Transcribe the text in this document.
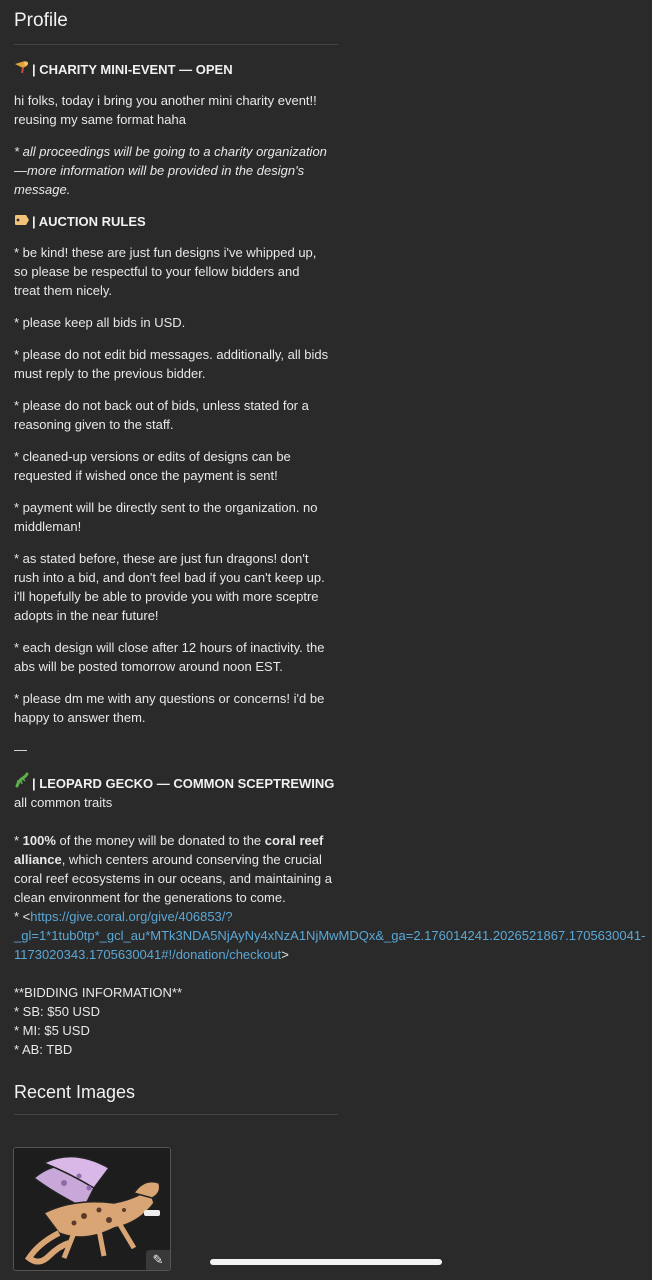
Profile
| CHARITY MINI-EVENT — OPEN
hi folks, today i bring you another mini charity event!!
reusing my same format haha
* all proceedings will be going to a charity organization
—more information will be provided in the design's
message.
| AUCTION RULES
* be kind! these are just fun designs i've whipped up,
so please be respectful to your fellow bidders and
treat them nicely.
* please keep all bids in USD.
* please do not edit bid messages. additionally, all bids
must reply to the previous bidder.
* please do not back out of bids, unless stated for a
reasoning given to the staff.
* cleaned-up versions or edits of designs can be
requested if wished once the payment is sent!
* payment will be directly sent to the organization. no
middleman!
* as stated before, these are just fun dragons! don't
rush into a bid, and don't feel bad if you can't keep up.
i'll hopefully be able to provide you with more sceptre
adopts in the near future!
* each design will close after 12 hours of inactivity. the
abs will be posted tomorrow around noon EST.
* please dm me with any questions or concerns! i'd be
happy to answer them.
—
| LEOPARD GECKO — COMMON SCEPTREWING
all common traits
* 100% of the money will be donated to the coral reef
alliance, which centers around conserving the crucial
coral reef ecosystems in our oceans, and maintaining a
clean environment for the generations to come.
* <https://give.coral.org/give/406853/?
_gl=1*1tub0tp*_gcl_au*MTk3NDA5NjAyNy4xNzA1NjMwMDQx&_ga=2.176014241.2026521867.1705630041-
1173020343.1705630041#!/donation/checkout>
**BIDDING INFORMATION**
* SB: $50 USD
* MI: $5 USD
* AB: TBD
Recent Images
✎
